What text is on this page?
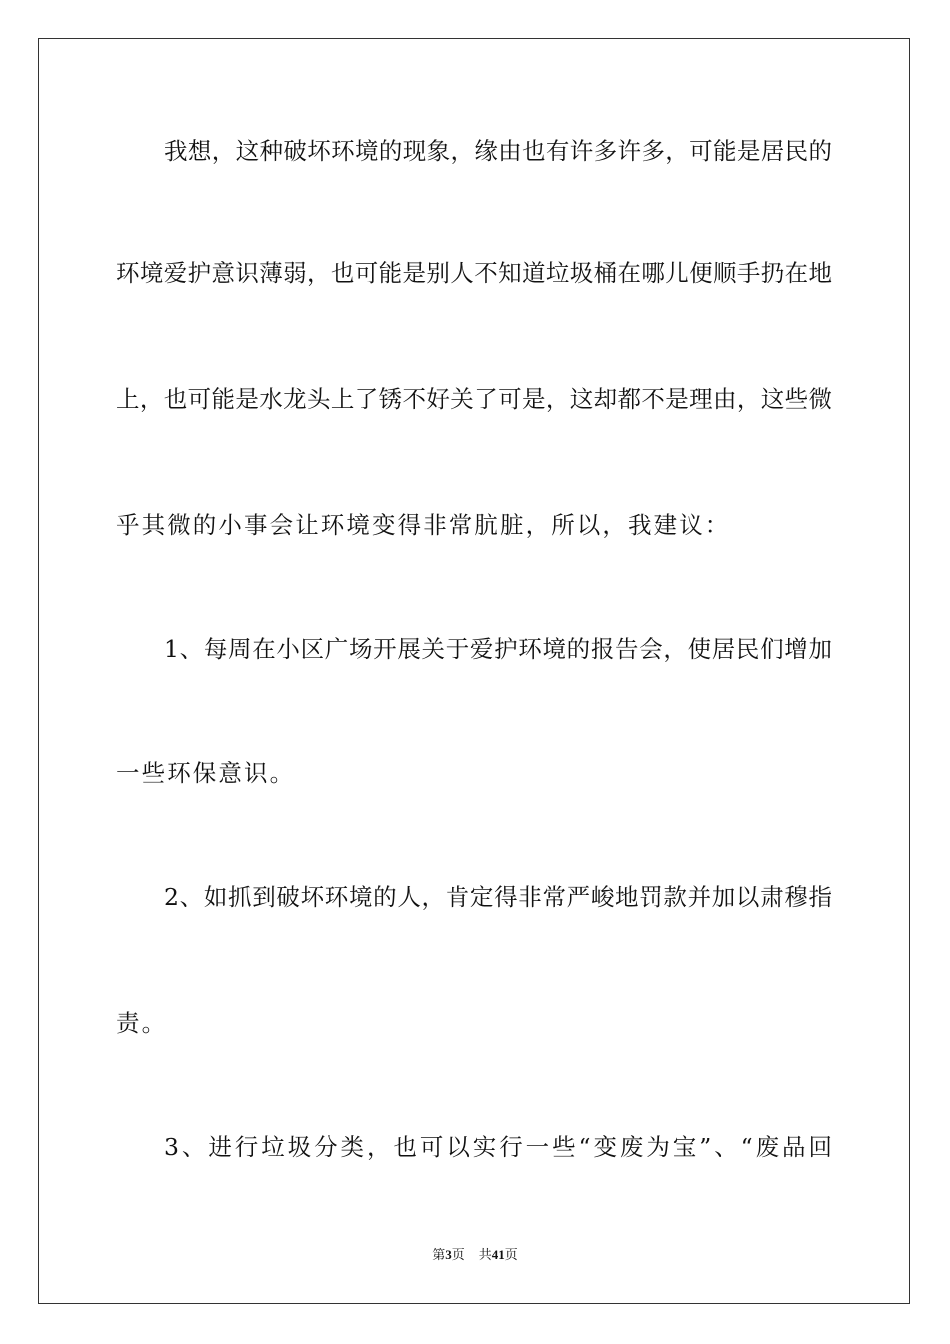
我想，这种破坏环境的现象，缘由也有许多许多，可能是居民的
环境爱护意识薄弱，也可能是别人不知道垃圾桶在哪儿便顺手扔在地
上，也可能是水龙头上了锈不好关了可是，这却都不是理由，这些微
乎其微的小事会让环境变得非常肮脏，所以，我建议：
1、每周在小区广场开展关于爱护环境的报告会，使居民们增加
一些环保意识。
2、如抓到破坏环境的人，肯定得非常严峻地罚款并加以肃穆指
责。
3、进行垃圾分类，也可以实行一些“变废为宝”、“废品回
第3页 共41页
